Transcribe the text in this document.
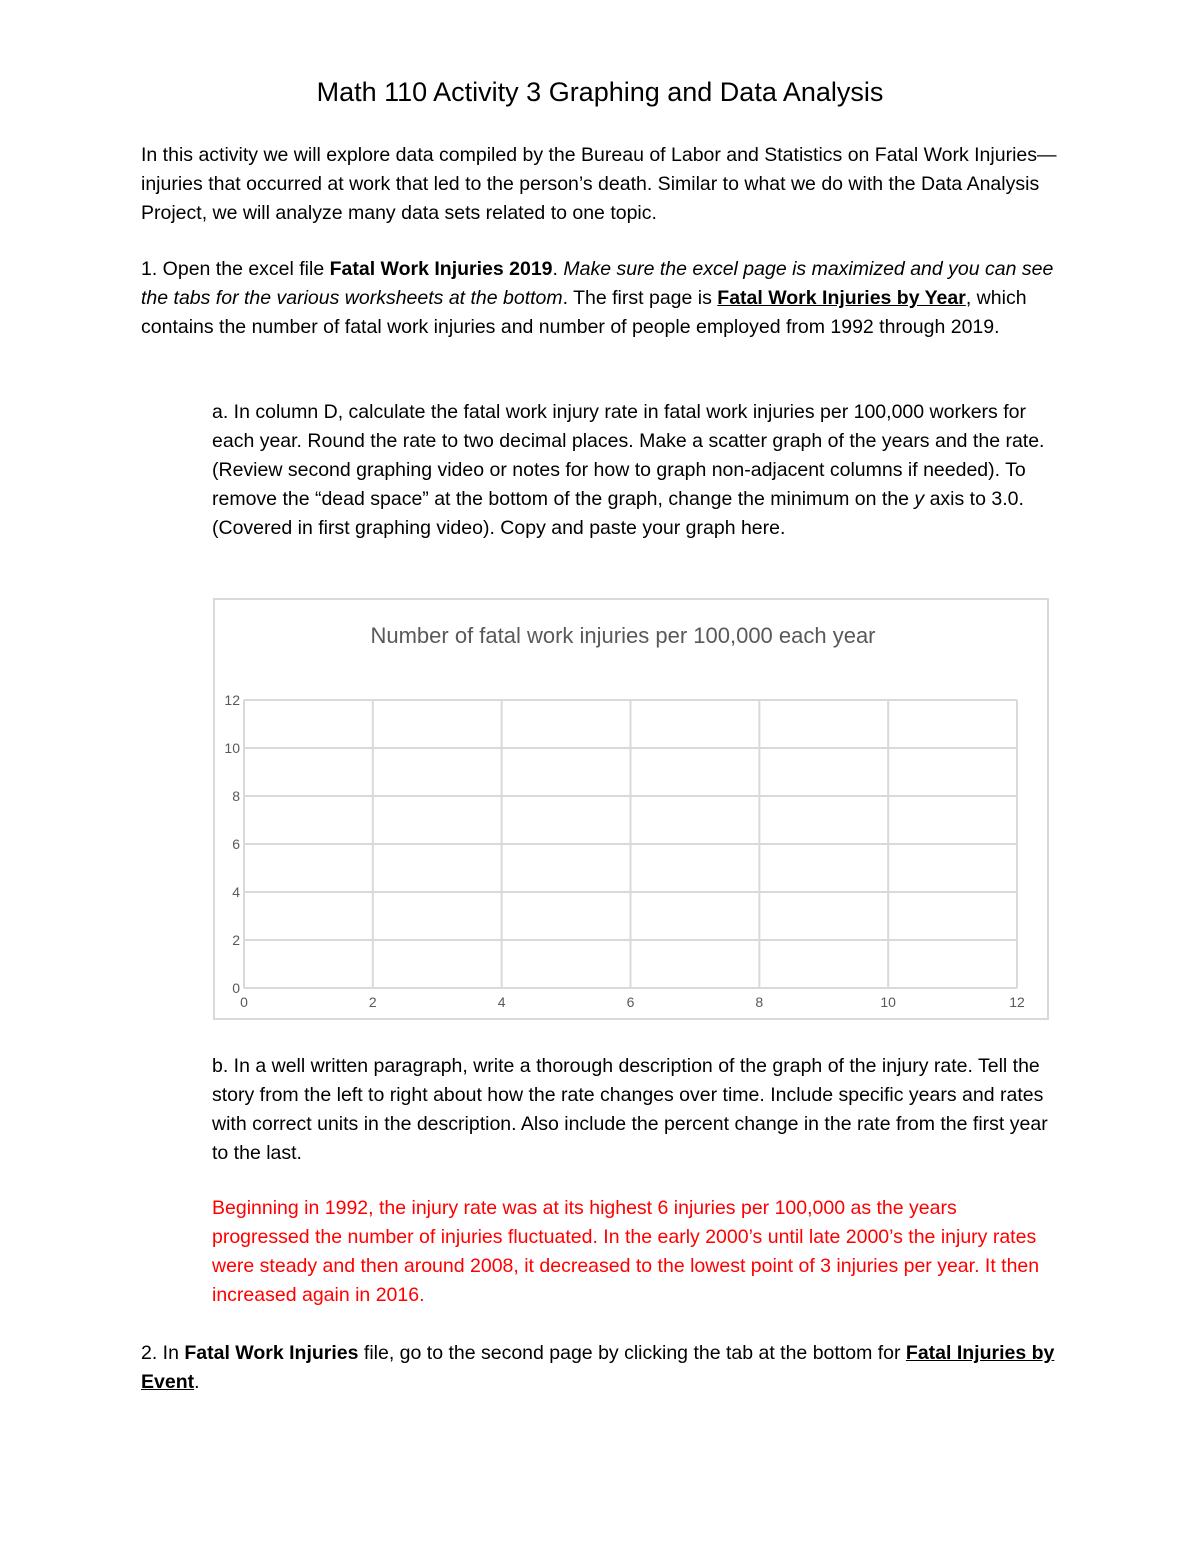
Math 110 Activity 3 Graphing and Data Analysis

In this activity we will explore data compiled by the Bureau of Labor and Statistics on Fatal Work Injuries—injuries that occurred at work that led to the person’s death. Similar to what we do with the Data Analysis Project, we will analyze many data sets related to one topic.

1. Open the excel file Fatal Work Injuries 2019. Make sure the excel page is maximized and you can see the tabs for the various worksheets at the bottom. The first page is Fatal Work Injuries by Year, which contains the number of fatal work injuries and number of people employed from 1992 through 2019.

a. In column D, calculate the fatal work injury rate in fatal work injuries per 100,000 workers for each year. Round the rate to two decimal places. Make a scatter graph of the years and the rate. (Review second graphing video or notes for how to graph non-adjacent columns if needed). To remove the “dead space” at the bottom of the graph, change the minimum on the y axis to 3.0. (Covered in first graphing video). Copy and paste your graph here.

Number of fatal work injuries per 100,000 each year
0	2	4	6	8	10	12
0
2
4
6
8
10
12

b. In a well written paragraph, write a thorough description of the graph of the injury rate. Tell the story from the left to right about how the rate changes over time. Include specific years and rates with correct units in the description. Also include the percent change in the rate from the first year to the last.

Beginning in 1992, the injury rate was at its highest 6 injuries per 100,000 as the years progressed the number of injuries fluctuated. In the early 2000’s until late 2000’s the injury rates were steady and then around 2008, it decreased to the lowest point of 3 injuries per year. It then increased again in 2016.

2. In Fatal Work Injuries file, go to the second page by clicking the tab at the bottom for Fatal Injuries by Event.
